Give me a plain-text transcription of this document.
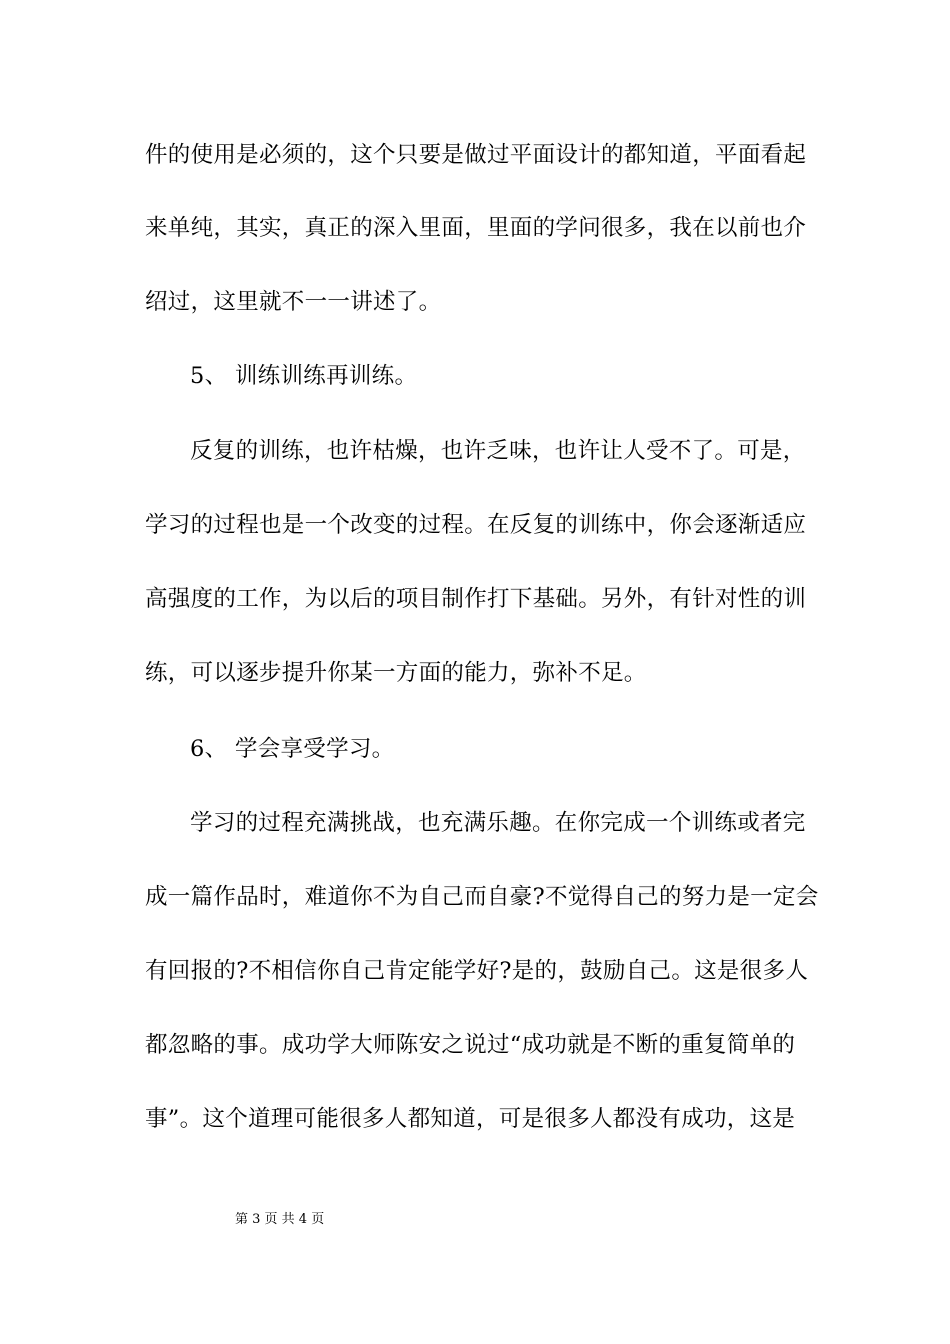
件的使用是必须的，这个只要是做过平面设计的都知道，平面看起
来单纯，其实，真正的深入里面，里面的学问很多，我在以前也介
绍过，这里就不一一讲述了。
5、 训练训练再训练。
反复的训练，也许枯燥，也许乏味，也许让人受不了。可是，
学习的过程也是一个改变的过程。在反复的训练中，你会逐渐适应
高强度的工作，为以后的项目制作打下基础。另外，有针对性的训
练，可以逐步提升你某一方面的能力，弥补不足。
6、 学会享受学习。
学习的过程充满挑战，也充满乐趣。在你完成一个训练或者完
成一篇作品时，难道你不为自己而自豪?不觉得自己的努力是一定会
有回报的?不相信你自己肯定能学好?是的，鼓励自己。这是很多人
都忽略的事。成功学大师陈安之说过“成功就是不断的重复简单的
事”。这个道理可能很多人都知道，可是很多人都没有成功，这是
第 3 页 共 4 页
